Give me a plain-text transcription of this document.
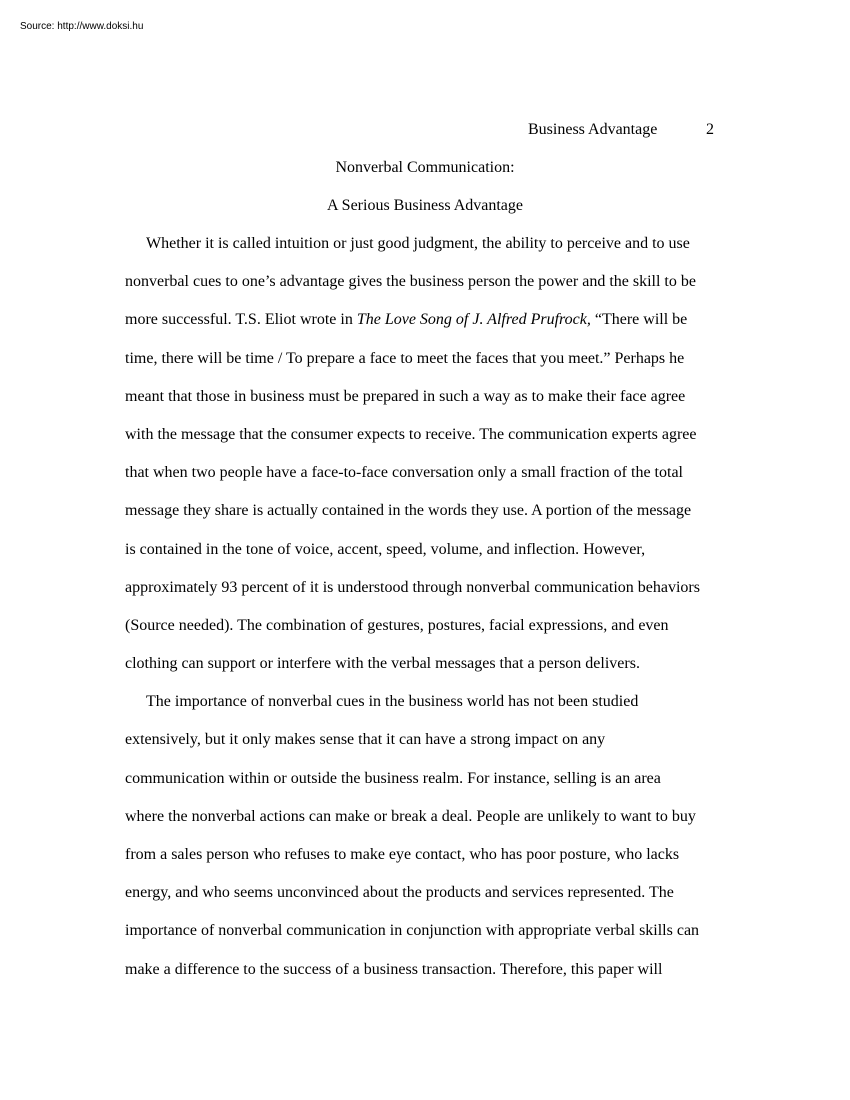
Source: http://www.doksi.hu
Business Advantage	2
Nonverbal Communication:
A Serious Business Advantage
Whether it is called intuition or just good judgment, the ability to perceive and to use
nonverbal cues to one’s advantage gives the business person the power and the skill to be
more successful. T.S. Eliot wrote in The Love Song of J. Alfred Prufrock, “There will be
time, there will be time / To prepare a face to meet the faces that you meet.” Perhaps he
meant that those in business must be prepared in such a way as to make their face agree
with the message that the consumer expects to receive. The communication experts agree
that when two people have a face-to-face conversation only a small fraction of the total
message they share is actually contained in the words they use. A portion of the message
is contained in the tone of voice, accent, speed, volume, and inflection. However,
approximately 93 percent of it is understood through nonverbal communication behaviors
(Source needed). The combination of gestures, postures, facial expressions, and even
clothing can support or interfere with the verbal messages that a person delivers.
The importance of nonverbal cues in the business world has not been studied
extensively, but it only makes sense that it can have a strong impact on any
communication within or outside the business realm. For instance, selling is an area
where the nonverbal actions can make or break a deal. People are unlikely to want to buy
from a sales person who refuses to make eye contact, who has poor posture, who lacks
energy, and who seems unconvinced about the products and services represented. The
importance of nonverbal communication in conjunction with appropriate verbal skills can
make a difference to the success of a business transaction. Therefore, this paper will
